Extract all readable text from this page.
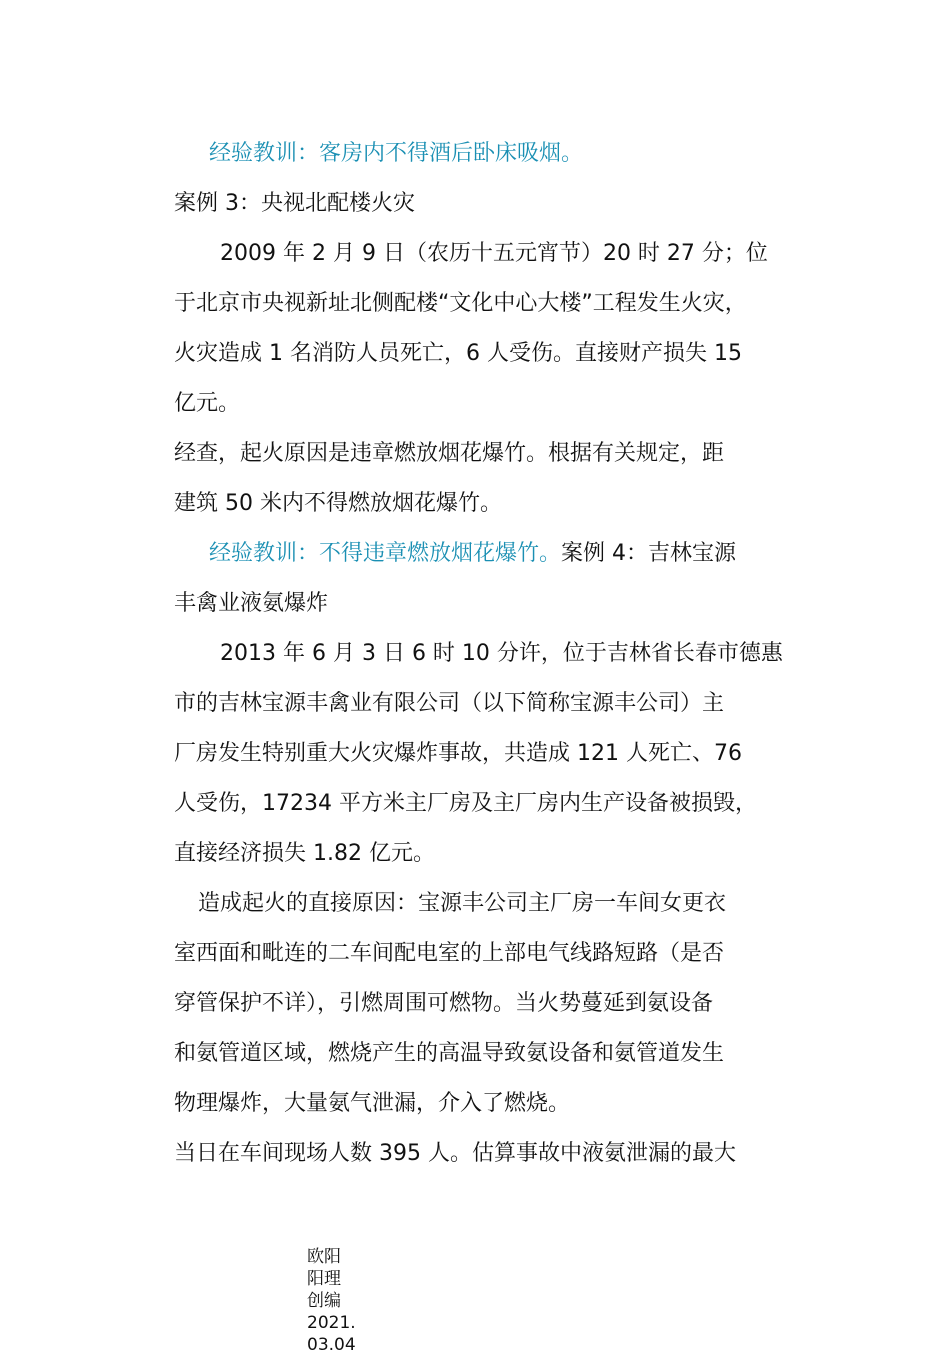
经验教训：客房内不得酒后卧床吸烟。
案例 3：央视北配楼火灾
2009 年 2 月 9 日（农历十五元宵节）20 时 27 分；位
于北京市央视新址北侧配楼“文化中心大楼”工程发生火灾，
火灾造成 1 名消防人员死亡，6 人受伤。直接财产损失 15
亿元。
经查，起火原因是违章燃放烟花爆竹。根据有关规定，距
建筑 50 米内不得燃放烟花爆竹。
经验教训：不得违章燃放烟花爆竹。案例 4：吉林宝源
丰禽业液氨爆炸
2013 年 6 月 3 日 6 时 10 分许，位于吉林省长春市德惠
市的吉林宝源丰禽业有限公司（以下简称宝源丰公司）主
厂房发生特别重大火灾爆炸事故，共造成 121 人死亡、76
人受伤，17234 平方米主厂房及主厂房内生产设备被损毁，
直接经济损失 1.82 亿元。
造成起火的直接原因：宝源丰公司主厂房一车间女更衣
室西面和毗连的二车间配电室的上部电气线路短路（是否
穿管保护不详），引燃周围可燃物。当火势蔓延到氨设备
和氨管道区域，燃烧产生的高温导致氨设备和氨管道发生
物理爆炸，大量氨气泄漏，介入了燃烧。
当日在车间现场人数 395 人。估算事故中液氨泄漏的最大
欧阳
阳理
创编
2021.
03.04
